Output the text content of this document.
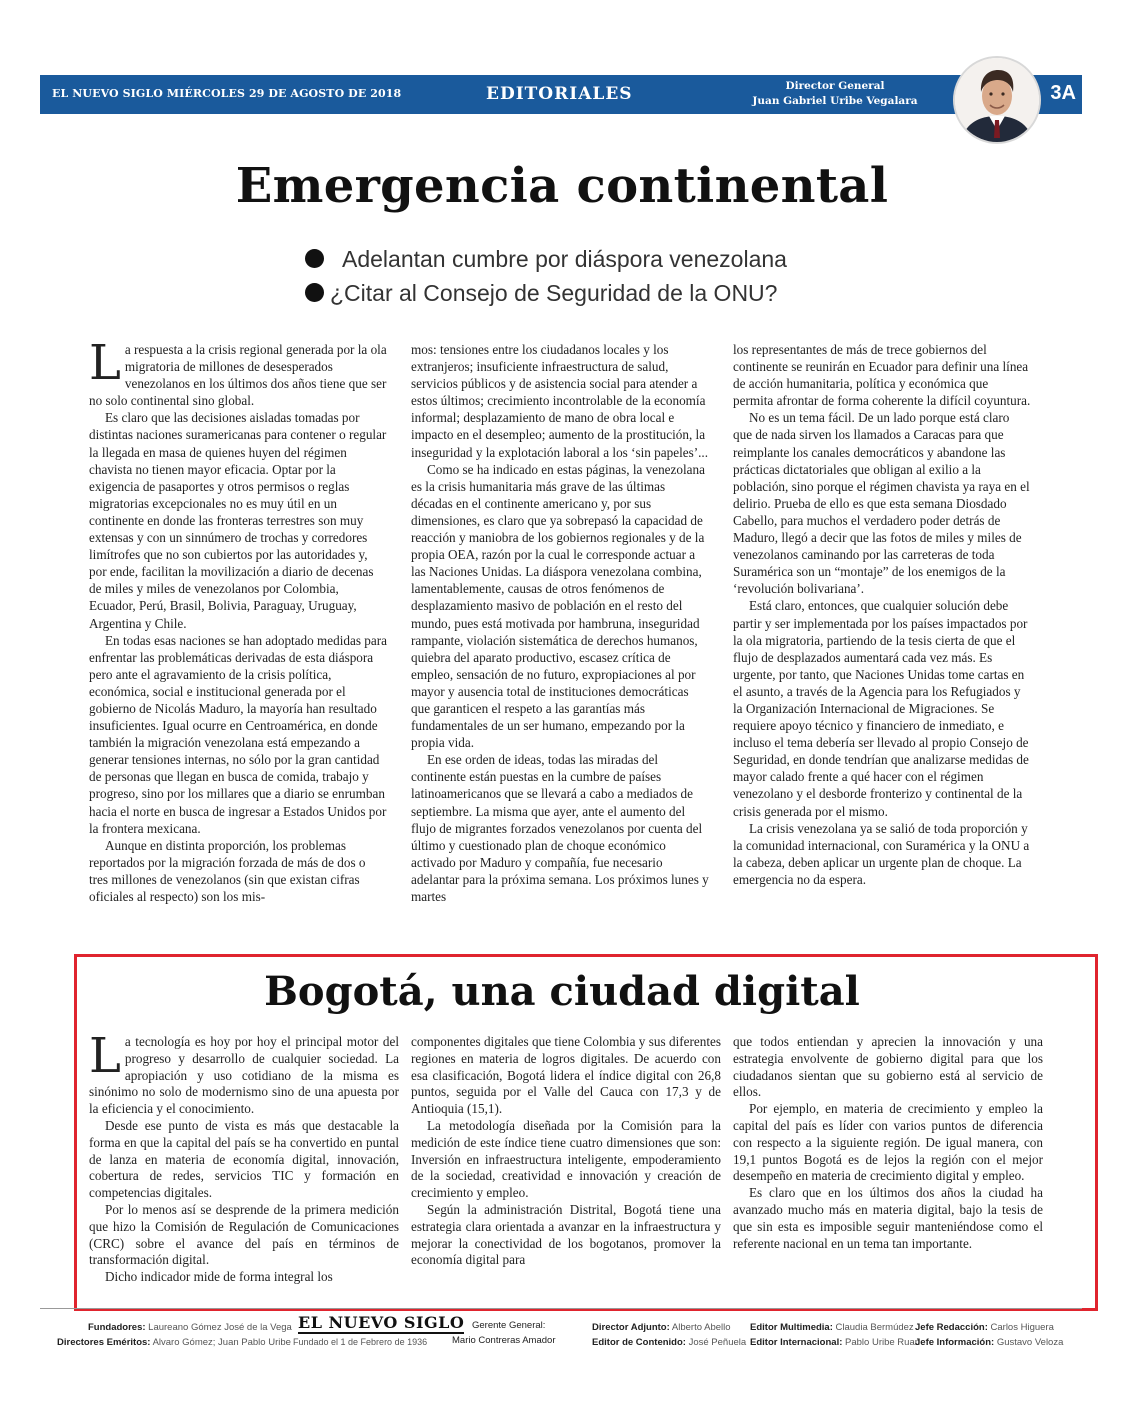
EL NUEVO SIGLO MIÉRCOLES 29 DE AGOSTO DE 2018	EDITORIALES	Director General
Juan Gabriel Uribe Vegalara	3A
Emergencia continental
Adelantan cumbre por diáspora venezolana
¿Citar al Consejo de Seguridad de la ONU?

La respuesta a la crisis regional generada por la ola migratoria de millones de desesperados venezolanos en los últimos dos años tiene que ser no solo continental sino global.

Es claro que las decisiones aisladas tomadas por distintas naciones suramericanas para contener o regular la llegada en masa de quienes huyen del régimen chavista no tienen mayor eficacia. Optar por la exigencia de pasaportes y otros permisos o reglas migratorias excepcionales no es muy útil en un continente en donde las fronteras terrestres son muy extensas y con un sinnúmero de trochas y corredores limítrofes que no son cubiertos por las autoridades y, por ende, facilitan la movilización a diario de decenas de miles y miles de venezolanos por Colombia, Ecuador, Perú, Brasil, Bolivia, Paraguay, Uruguay, Argentina y Chile.

En todas esas naciones se han adoptado medidas para enfrentar las problemáticas derivadas de esta diáspora pero ante el agravamiento de la crisis política, económica, social e institucional generada por el gobierno de Nicolás Maduro, la mayoría han resultado insuficientes. Igual ocurre en Centroamérica, en donde también la migración venezolana está empezando a generar tensiones internas, no sólo por la gran cantidad de personas que llegan en busca de comida, trabajo y progreso, sino por los millares que a diario se enrumban hacia el norte en busca de ingresar a Estados Unidos por la frontera mexicana.

Aunque en distinta proporción, los problemas reportados por la migración forzada de más de dos o tres millones de venezolanos (sin que existan cifras oficiales al respecto) son los mis-

mos: tensiones entre los ciudadanos locales y los extranjeros; insuficiente infraestructura de salud, servicios públicos y de asistencia social para atender a estos últimos; crecimiento incontrolable de la economía informal; desplazamiento de mano de obra local e impacto en el desempleo; aumento de la prostitución, la inseguridad y la explotación laboral a los ‘sin papeles’...

Como se ha indicado en estas páginas, la venezolana es la crisis humanitaria más grave de las últimas décadas en el continente americano y, por sus dimensiones, es claro que ya sobrepasó la capacidad de reacción y maniobra de los gobiernos regionales y de la propia OEA, razón por la cual le corresponde actuar a las Naciones Unidas. La diáspora venezolana combina, lamentablemente, causas de otros fenómenos de desplazamiento masivo de población en el resto del mundo, pues está motivada por hambruna, inseguridad rampante, violación sistemática de derechos humanos, quiebra del aparato productivo, escasez crítica de empleo, sensación de no futuro, expropiaciones al por mayor y ausencia total de instituciones democráticas que garanticen el respeto a las garantías más fundamentales de un ser humano, empezando por la propia vida.

En ese orden de ideas, todas las miradas del continente están puestas en la cumbre de países latinoamericanos que se llevará a cabo a mediados de septiembre. La misma que ayer, ante el aumento del flujo de migrantes forzados venezolanos por cuenta del último y cuestionado plan de choque económico activado por Maduro y compañía, fue necesario adelantar para la próxima semana. Los próximos lunes y martes

los representantes de más de trece gobiernos del continente se reunirán en Ecuador para definir una línea de acción humanitaria, política y económica que permita afrontar de forma coherente la difícil coyuntura.

No es un tema fácil. De un lado porque está claro que de nada sirven los llamados a Caracas para que reimplante los canales democráticos y abandone las prácticas dictatoriales que obligan al exilio a la población, sino porque el régimen chavista ya raya en el delirio. Prueba de ello es que esta semana Diosdado Cabello, para muchos el verdadero poder detrás de Maduro, llegó a decir que las fotos de miles y miles de venezolanos caminando por las carreteras de toda Suramérica son un “montaje” de los enemigos de la ‘revolución bolivariana’.

Está claro, entonces, que cualquier solución debe partir y ser implementada por los países impactados por la ola migratoria, partiendo de la tesis cierta de que el flujo de desplazados aumentará cada vez más. Es urgente, por tanto, que Naciones Unidas tome cartas en el asunto, a través de la Agencia para los Refugiados y la Organización Internacional de Migraciones. Se requiere apoyo técnico y financiero de inmediato, e incluso el tema debería ser llevado al propio Consejo de Seguridad, en donde tendrían que analizarse medidas de mayor calado frente a qué hacer con el régimen venezolano y el desborde fronterizo y continental de la crisis generada por el mismo.

La crisis venezolana ya se salió de toda proporción y la comunidad internacional, con Suramérica y la ONU a la cabeza, deben aplicar un urgente plan de choque. La emergencia no da espera.

Bogotá, una ciudad digital

La tecnología es hoy por hoy el principal motor del progreso y desarrollo de cualquier sociedad. La apropiación y uso cotidiano de la misma es sinónimo no solo de modernismo sino de una apuesta por la eficiencia y el conocimiento.

Desde ese punto de vista es más que destacable la forma en que la capital del país se ha convertido en puntal de lanza en materia de economía digital, innovación, cobertura de redes, servicios TIC y formación en competencias digitales.

Por lo menos así se desprende de la primera medición que hizo la Comisión de Regulación de Comunicaciones (CRC) sobre el avance del país en términos de transformación digital.

Dicho indicador mide de forma integral los

componentes digitales que tiene Colombia y sus diferentes regiones en materia de logros digitales. De acuerdo con esa clasificación, Bogotá lidera el índice digital con 26,8 puntos, seguida por el Valle del Cauca con 17,3 y de Antioquia (15,1).

La metodología diseñada por la Comisión para la medición de este índice tiene cuatro dimensiones que son: Inversión en infraestructura inteligente, empoderamiento de la sociedad, creatividad e innovación y creación de crecimiento y empleo.

Según la administración Distrital, Bogotá tiene una estrategia clara orientada a avanzar en la infraestructura y mejorar la conectividad de los bogotanos, promover la economía digital para

que todos entiendan y aprecien la innovación y una estrategia envolvente de gobierno digital para que los ciudadanos sientan que su gobierno está al servicio de ellos.

Por ejemplo, en materia de crecimiento y empleo la capital del país es líder con varios puntos de diferencia con respecto a la siguiente región. De igual manera, con 19,1 puntos Bogotá es de lejos la región con el mejor desempeño en materia de crecimiento digital y empleo.

Es claro que en los últimos dos años la ciudad ha avanzado mucho más en materia digital, bajo la tesis de que sin esta es imposible seguir manteniéndose como el referente nacional en un tema tan importante.

Fundadores: Laureano Gómez José de la Vega
Directores Eméritos: Alvaro Gómez; Juan Pablo Uribe
EL NUEVO SIGLO
Fundado el 1 de Febrero de 1936
Gerente General:
Mario Contreras Amador
Director Adjunto: Alberto Abello
Editor de Contenido: José Peñuela
Editor Multimedia: Claudia Bermúdez
Editor Internacional: Pablo Uribe Ruan
Jefe Redacción: Carlos Higuera
Jefe Información: Gustavo Veloza
